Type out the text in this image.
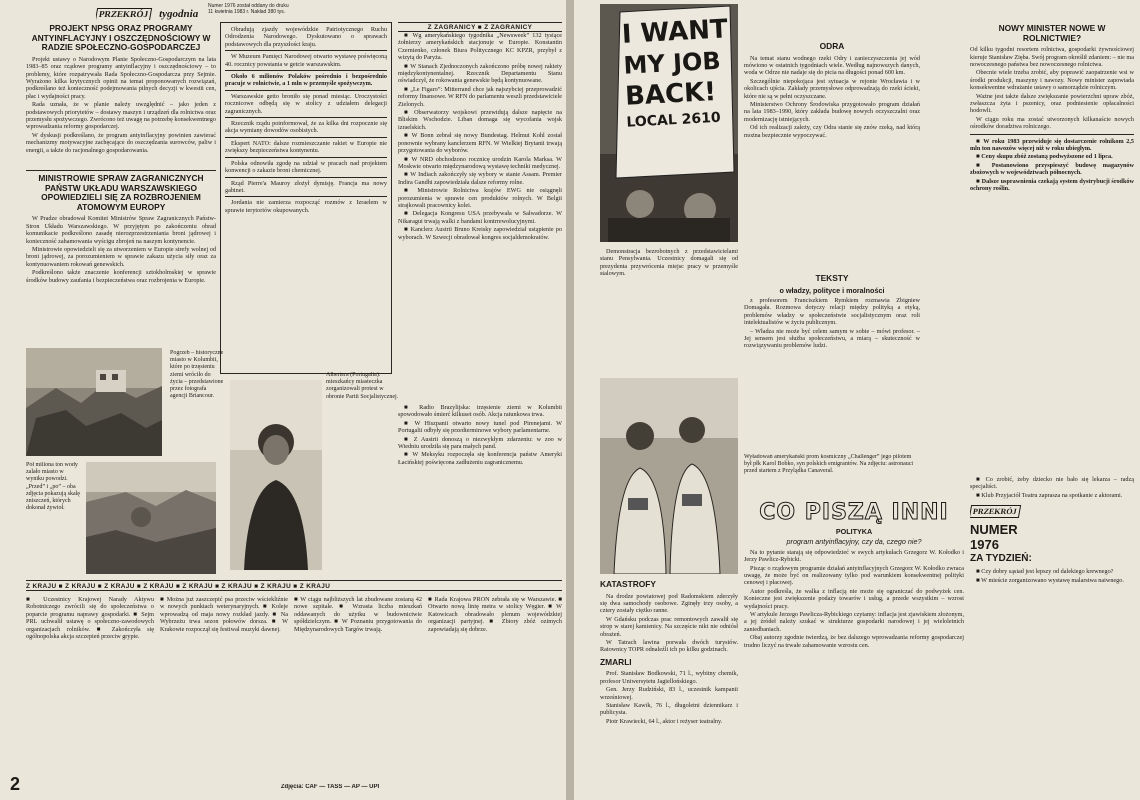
PRZEKRÓJ tygodnia
Numer 1976 został oddany do druku
11 kwietnia 1983 r. Nakład 380 tys.
PROJEKT NPSG ORAZ PROGRAMY ANTYINFLACYJNY I OSZCZĘDNOŚCIOWY W RADZIE SPOŁECZNO-GOSPODARCZEJ

Projekt ustawy o Narodowym Planie Społeczno-Gospodarczym na lata 1983–85 oraz rządowe programy antyinflacyjny i oszczędnościowy – to problemy, które rozpatrywała Rada Społeczno-Gospodarcza przy Sejmie. Wyrażono kilka krytycznych opinii na temat proponowanych rozwiązań, podkreślano też konieczność podejmowania pilnych decyzji w kwestii cen, płac i wydajności pracy.

Rada uznała, że w planie należy uwzględnić – jako jeden z podstawowych priorytetów – dostawy maszyn i urządzeń dla rolnictwa oraz przemysłu spożywczego. Zwrócono też uwagę na potrzebę konsekwentnego wprowadzania reformy gospodarczej.

W dyskusji podkreślano, że program antyinflacyjny powinien zawierać mechanizmy motywacyjne zachęcające do oszczędzania surowców, paliw i energii, a także do racjonalnego gospodarowania.

MINISTROWIE SPRAW ZAGRANICZNYCH PAŃSTW UKŁADU WARSZAWSKIEGO OPOWIEDZIELI SIĘ ZA ROZBROJENIEM ATOMOWYM EUROPY

W Pradze obradował Komitet Ministrów Spraw Zagranicznych Państw-Stron Układu Warszawskiego. W przyjętym po zakończeniu obrad komunikacie podkreślono zasadę nierozprzestrzeniania broni jądrowej i konieczność zahamowania wyścigu zbrojeń na naszym kontynencie.

Ministrowie opowiedzieli się za utworzeniem w Europie strefy wolnej od broni jądrowej, za porozumieniem w sprawie zakazu użycia siły oraz za kontynuowaniem rokowań genewskich.

Podkreślono także znaczenie konferencji sztokholmskiej w sprawie środków budowy zaufania i bezpieczeństwa oraz rozbrojenia w Europie.

Obradują zjazdy wojewódzkie Patriotycznego Ruchu Odrodzenia Narodowego. Dyskutowano o sprawach podstawowych dla przyszłości kraju.

W Muzeum Pamięci Narodowej otwarto wystawę poświęconą 40. rocznicy powstania w getcie warszawskim.

Około 6 milionów Polaków pośrednio i bezpośrednio pracuje w rolnictwie, a 1 mln w przemyśle spożywczym.

Warszawskie getto broniło się ponad miesiąc. Uroczystości rocznicowe odbędą się w stolicy z udziałem delegacji zagranicznych.

Rzecznik rządu poinformował, że za kilka dni rozpocznie się akcja wymiany dowodów osobistych.

Ekspert NATO: dalsze rozmieszczanie rakiet w Europie nie zwiększy bezpieczeństwa kontynentu.

Polska odnowiła zgodę na udział w pracach nad projektem konwencji o zakazie broni chemicznej.

Rząd Pierre'a Mauroy złożył dymisję. Francja ma nowy gabinet.

Jordania nie zamierza rozpocząć rozmów z Izraelem w sprawie terytoriów okupowanych.

Z ZAGRANICY ■ Z ZAGRANICY

■ Wg amerykańskiego tygodnika „Newsweek” 132 tysiące żołnierzy amerykańskich stacjonuje w Europie. Konstantin Czernienko, członek Biura Politycznego KC KPZR, przybył z wizytą do Paryża.

■ W Stanach Zjednoczonych zakończono próbę nowej rakiety międzykontynentalnej. Rzecznik Departamentu Stanu oświadczył, że rokowania genewskie będą kontynuowane.

■ „Le Figaro”: Mitterrand chce jak najszybciej przeprowadzić reformy finansowe. W RFN do parlamentu weszli przedstawiciele Zielonych.

■ Obserwatorzy wojskowi przewidują dalsze napięcie na Bliskim Wschodzie. Liban domaga się wycofania wojsk izraelskich.

■ W Bonn zebrał się nowy Bundestag. Helmut Kohl został ponownie wybrany kanclerzem RFN. W Wielkiej Brytanii trwają przygotowania do wyborów.

■ W NRD obchodzono rocznicę urodzin Karola Marksa. W Moskwie otwarto międzynarodową wystawę techniki medycznej.

■ W Indiach zakończyły się wybory w stanie Assam. Premier Indira Gandhi zapowiedziała dalsze reformy rolne.

■ Ministrowie Rolnictwa krajów EWG nie osiągnęli porozumienia w sprawie cen produktów rolnych. W Belgii strajkowali pracownicy kolei.

■ Delegacja Kongresu USA przebywała w Salwadorze. W Nikaragui trwają walki z bandami kontrrewolucyjnymi.

■ Kanclerz Austrii Bruno Kreisky zapowiedział ustąpienie po wyborach. W Szwecji obradował kongres socjaldemokratów.

Pogrzeb – historyczne miasto w Kolumbii, które po trzęsieniu ziemi wróciło do życia – przedstawione przez fotografa agencji Briancour.
Pół miliona ton wody zalało miasto w wyniku powodzi. „Przed” i „po” – oba zdjęcia pokazują skalę zniszczeń, których dokonał żywioł.
Albertera (Portugalia): mieszkańcy miasteczka zorganizowali protest w obronie Partii Socjalistycznej.

■ Radio Brazylijska: trzęsienie ziemi w Kolumbii spowodowało śmierć kilkuset osób. Akcja ratunkowa trwa.

■ W Hiszpanii otwarto nowy tunel pod Pirenejami. W Portugalii odbyły się przedterminowe wybory parlamentarne.

■ Z Austrii donoszą o niezwykłym zdarzeniu: w zoo w Wiedniu urodziła się para małych pand.

■ W Meksyku rozpoczęła się konferencja państw Ameryki Łacińskiej poświęcona zadłużeniu zagranicznemu.

Z KRAJU ■ Z KRAJU ■ Z KRAJU ■ Z KRAJU ■ Z KRAJU ■ Z KRAJU ■ Z KRAJU ■ Z KRAJU
■ Uczestnicy Krajowej Narady Aktywu Robotniczego zwrócili się do społeczeństwa o poparcie programu naprawy gospodarki. ■ Sejm PRL uchwalił ustawę o społeczno-zawodowych organizacjach rolników. ■ Zakończyła się ogólnopolska akcja szczepień przeciw grypie.
■ Można już zaszczepić psa przeciw wściekliźnie w nowych punktach weterynaryjnych. ■ Koleje wprowadzą od maja nowy rozkład jazdy. ■ Na Wybrzeżu trwa sezon połowów dorsza. ■ W Krakowie rozpoczął się festiwal muzyki dawnej.
■ W ciągu najbliższych lat zbudowane zostaną 42 nowe szpitale. ■ Wzrasta liczba mieszkań oddawanych do użytku w budownictwie spółdzielczym. ■ W Poznaniu przygotowania do Międzynarodowych Targów trwają.
■ Rada Krajowa PRON zebrała się w Warszawie. ■ Otwarto nową linię metra w stolicy Węgier. ■ W Katowicach obradowało plenum wojewódzkiej organizacji partyjnej. ■ Zbiory zbóż ozimych zapowiadają się dobrze.
Zdjęcia: CAF — TASS — AP — UPI
2
I WANT
MY JOB
BACK!
LOCAL 2610

Demonstracja bezrobotnych z przedstawicielami stanu Pensylwania. Uczestnicy domagali się od prezydenta przywrócenia miejsc pracy w przemyśle stalowym.

ODRA

Na temat stanu wodnego rzeki Odry i zanieczyszczenia jej wód mówiono w ostatnich tygodniach wiele. Według najnowszych danych, woda w Odrze nie nadaje się do picia na długości ponad 600 km.

Szczególnie niepokojąca jest sytuacja w rejonie Wrocławia i w okolicach ujścia. Zakłady przemysłowe odprowadzają do rzeki ścieki, które nie są w pełni oczyszczane.

Ministerstwo Ochrony Środowiska przygotowało program działań na lata 1983–1990, który zakłada budowę nowych oczyszczalni oraz modernizację istniejących.

Od ich realizacji zależy, czy Odra stanie się znów rzeką, nad którą można bezpiecznie wypoczywać.

TEKSTY
o władzy, polityce i moralności

z profesorem Franciszkiem Rymkiem rozmawia Zbigniew Domagała. Rozmowa dotyczy relacji między polityką a etyką, problemów władzy w społeczeństwie socjalistycznym oraz roli intelektualistów w życiu publicznym.

– Władza nie może być celem samym w sobie – mówi profesor. – Jej sensem jest służba społeczeństwu, a miarą – skuteczność w rozwiązywaniu problemów ludzi.

Wyładowań amerykański prom kosmiczny „Challenger” jego pilotem był płk Karol Bobko, syn polskich emigrantów. Na zdjęciu: astronauci przed startem z Przylądka Canaveral.
CO PISZĄ INNI
POLITYKA
program antyinflacyjny, czy da, czego nie?

Na to pytanie starają się odpowiedzieć w swych artykułach Grzegorz W. Kołodko i Jerzy Pawlicz-Rybicki.

Pisząc o rządowym programie działań antyinflacyjnych Grzegorz W. Kołodko zwraca uwagę, że może być on realizowany tylko pod warunkiem konsekwentnej polityki cenowej i płacowej.

Autor podkreśla, że walka z inflacją nie może się ograniczać do podwyżek cen. Konieczne jest zwiększenie podaży towarów i usług, a przede wszystkim – wzrost wydajności pracy.

W artykule Jerzego Pawlicza-Rybickiego czytamy: inflacja jest zjawiskiem złożonym, a jej źródeł należy szukać w strukturze gospodarki narodowej i jej wieloletnich zaniedbaniach.

Obaj autorzy zgodnie twierdzą, że bez dalszego wprowadzania reformy gospodarczej trudno liczyć na trwałe zahamowanie wzrostu cen.

KATASTROFY

Na drodze powiatowej pod Radomskiem zderzyły się dwa samochody osobowe. Zginęły trzy osoby, a cztery zostały ciężko ranne.

W Gdańsku podczas prac remontowych zawalił się strop w starej kamienicy. Na szczęście nikt nie odniósł obrażeń.

W Tatrach lawina porwała dwóch turystów. Ratownicy TOPR odnaleźli ich po kilku godzinach.

ZMARLI

Prof. Stanisław Bodkowski, 71 l., wybitny chemik, profesor Uniwersytetu Jagiellońskiego.

Gen. Jerzy Rudziński, 83 l., uczestnik kampanii wrześniowej.

Stanisław Kawik, 76 l., długoletni dziennikarz i publicysta.

Piotr Krawiecki, 64 l., aktor i reżyser teatralny.

NOWY MINISTER NOWE W ROLNICTWIE?

Od kilku tygodni resortem rolnictwa, gospodarki żywnościowej kieruje Stanisław Zięba. Swój program określił zdaniem: – nie ma nowoczesnego państwa bez nowoczesnego rolnictwa.

Obecnie wiele trzeba zrobić, aby poprawić zaopatrzenie wsi w środki produkcji, maszyny i nawozy. Nowy minister zapowiada konsekwentne wdrażanie ustawy o samorządzie rolniczym.

Ważne jest także dalsze zwiększanie powierzchni upraw zbóż, zwłaszcza żyta i pszenicy, oraz podniesienie opłacalności hodowli.

W ciągu roku ma zostać utworzonych kilkanaście nowych ośrodków doradztwa rolniczego.

■ W roku 1983 przewiduje się dostarczenie rolnikom 2,5 mln ton nawozów więcej niż w roku ubiegłym.

■ Ceny skupu zbóż zostaną podwyższone od 1 lipca.

■ Postanowiono przyspieszyć budowę magazynów zbożowych w województwach północnych.

■ Dalsze usprawnienia czekają system dystrybucji środków ochrony roślin.

■ Co zrobić, żeby dziecko nie bało się lekarza – radzą specjaliści.

■ Klub Przyjaciół Teatru zaprasza na spotkanie z aktorami.

PRZEKRÓJ
NUMER
1976
ZA TYDZIEŃ:

■ Czy dobry sąsiad jest lepszy od dalekiego krewnego?

■ W mieście zorganizowano wystawę malarstwa naiwnego.
